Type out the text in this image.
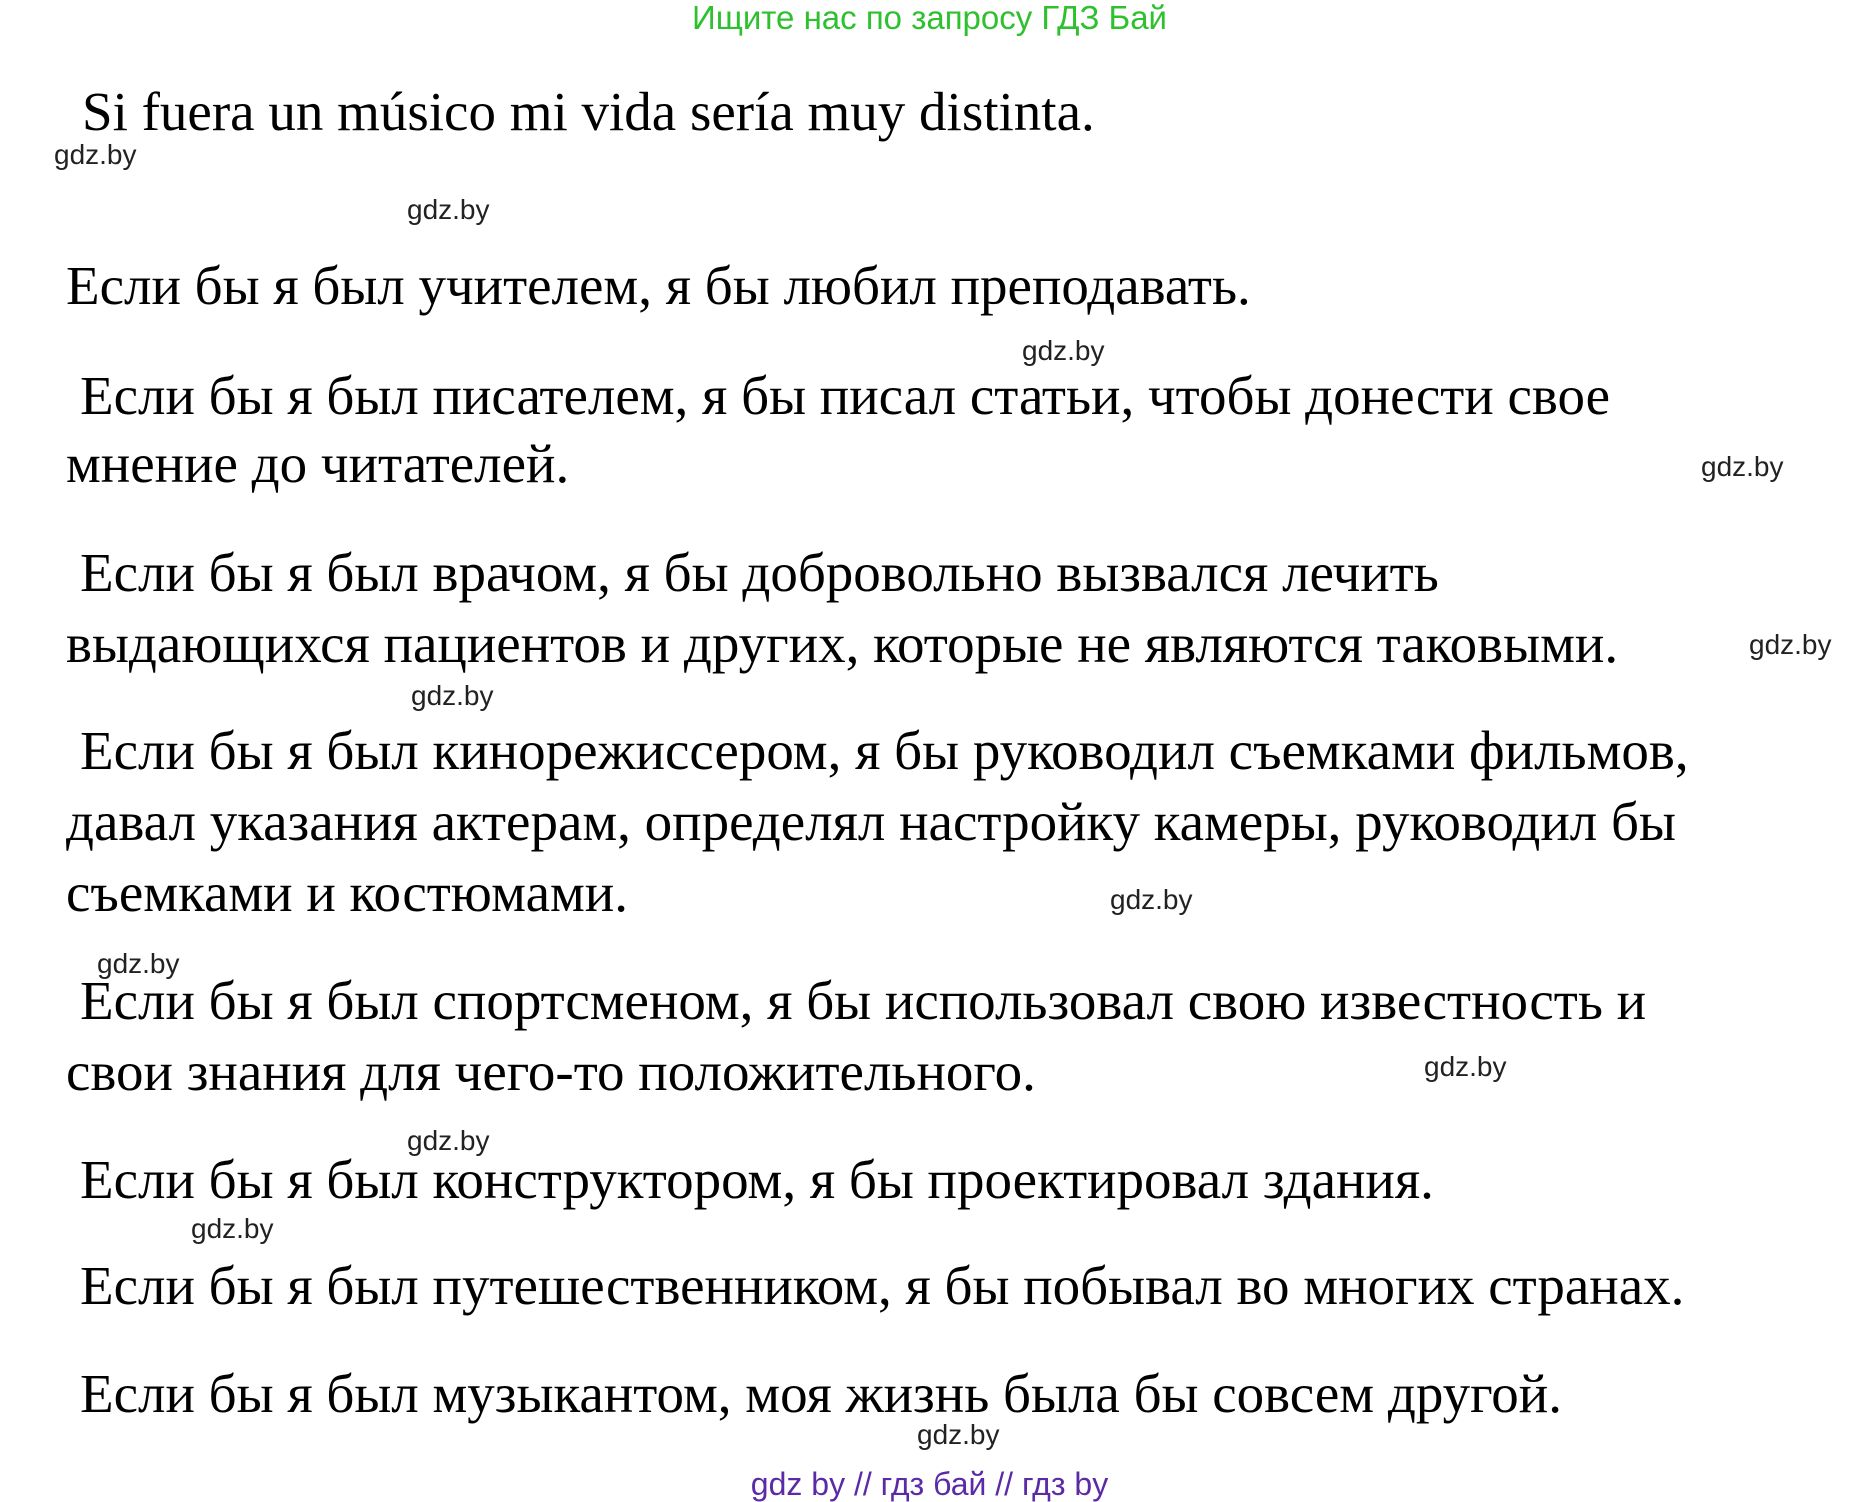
Ищите нас по запросу ГДЗ Бай
Si fuera un músico mi vida sería muy distinta.
Если бы я был учителем, я бы любил преподавать.
Если бы я был писателем, я бы писал статьи, чтобы донести свое
мнение до читателей.
Если бы я был врачом, я бы добровольно вызвался лечить
выдающихся пациентов и других, которые не являются таковыми.
Если бы я был кинорежиссером, я бы руководил съемками фильмов,
давал указания актерам, определял настройку камеры, руководил бы
съемками и костюмами.
Если бы я был спортсменом, я бы использовал свою известность и
свои знания для чего-то положительного.
Если бы я был конструктором, я бы проектировал здания.
Если бы я был путешественником, я бы побывал во многих странах.
Если бы я был музыкантом, моя жизнь была бы совсем другой.
gdz.by
gdz.by
gdz.by
gdz.by
gdz.by
gdz.by
gdz.by
gdz.by
gdz.by
gdz.by
gdz.by
gdz.by
gdz by // гдз бай // гдз by
